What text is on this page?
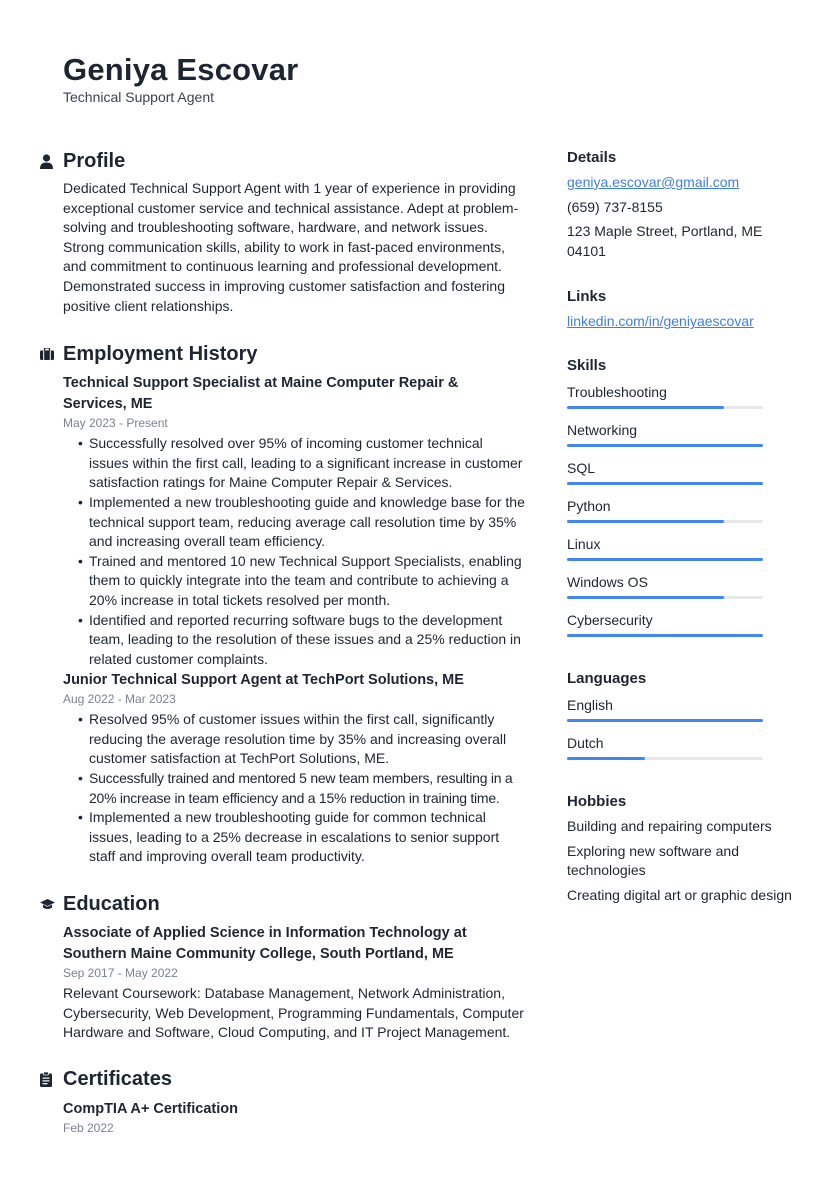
Geniya Escovar
Technical Support Agent
Profile
Dedicated Technical Support Agent with 1 year of experience in providing exceptional customer service and technical assistance. Adept at problem-solving and troubleshooting software, hardware, and network issues. Strong communication skills, ability to work in fast-paced environments, and commitment to continuous learning and professional development. Demonstrated success in improving customer satisfaction and fostering positive client relationships.
Employment History
Technical Support Specialist at Maine Computer Repair & Services, ME
May 2023 - Present
• Successfully resolved over 95% of incoming customer technical issues within the first call, leading to a significant increase in customer satisfaction ratings for Maine Computer Repair & Services.
• Implemented a new troubleshooting guide and knowledge base for the technical support team, reducing average call resolution time by 35% and increasing overall team efficiency.
• Trained and mentored 10 new Technical Support Specialists, enabling them to quickly integrate into the team and contribute to achieving a 20% increase in total tickets resolved per month.
• Identified and reported recurring software bugs to the development team, leading to the resolution of these issues and a 25% reduction in related customer complaints.
Junior Technical Support Agent at TechPort Solutions, ME
Aug 2022 - Mar 2023
• Resolved 95% of customer issues within the first call, significantly reducing the average resolution time by 35% and increasing overall customer satisfaction at TechPort Solutions, ME.
• Successfully trained and mentored 5 new team members, resulting in a 20% increase in team efficiency and a 15% reduction in training time.
• Implemented a new troubleshooting guide for common technical issues, leading to a 25% decrease in escalations to senior support staff and improving overall team productivity.
Education
Associate of Applied Science in Information Technology at Southern Maine Community College, South Portland, ME
Sep 2017 - May 2022
Relevant Coursework: Database Management, Network Administration, Cybersecurity, Web Development, Programming Fundamentals, Computer Hardware and Software, Cloud Computing, and IT Project Management.
Certificates
CompTIA A+ Certification
Feb 2022
Details
geniya.escovar@gmail.com
(659) 737-8155
123 Maple Street, Portland, ME 04101
Links
linkedin.com/in/geniyaescovar
Skills
Troubleshooting
Networking
SQL
Python
Linux
Windows OS
Cybersecurity
Languages
English
Dutch
Hobbies
Building and repairing computers
Exploring new software and technologies
Creating digital art or graphic design
